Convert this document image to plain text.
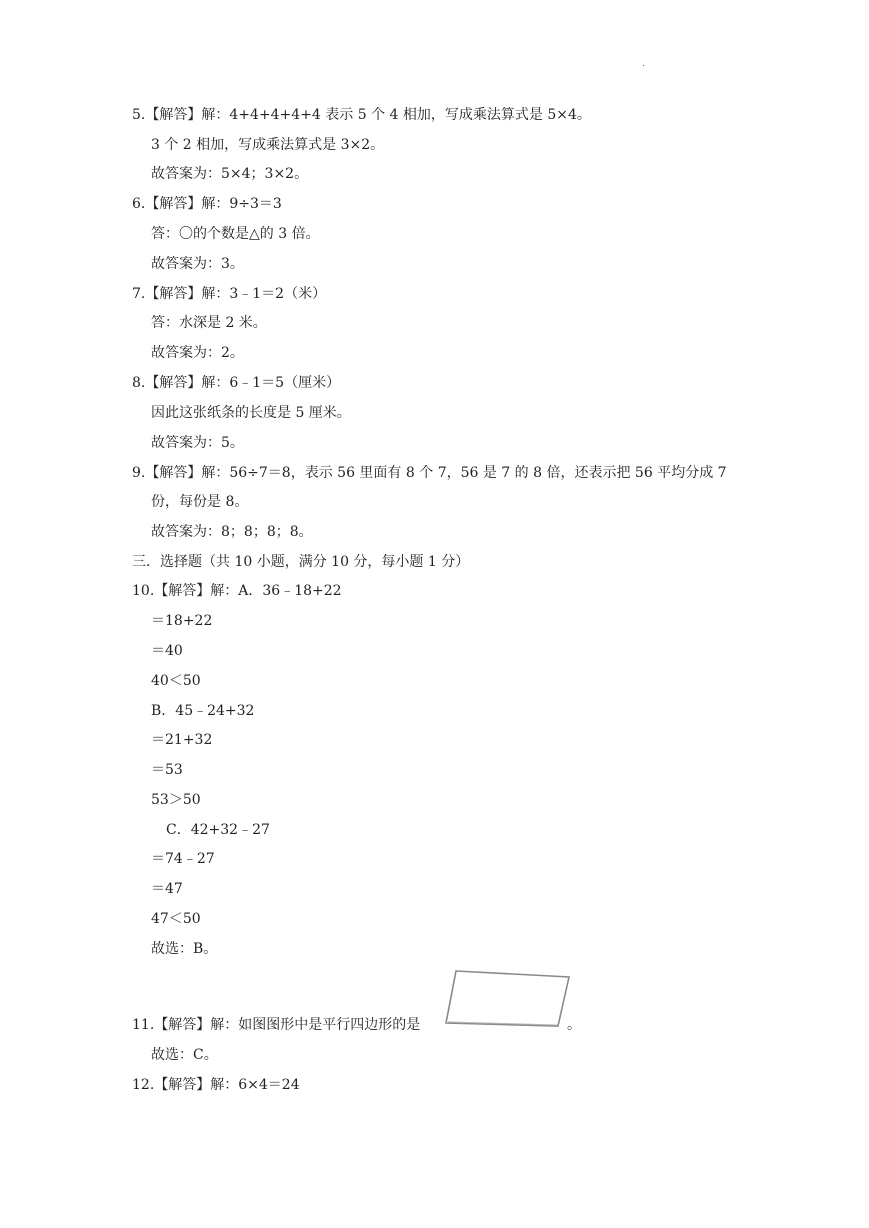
.
5.【解答】解：4+4+4+4+4 表示 5 个 4 相加，写成乘法算式是 5×4。
3 个 2 相加，写成乘法算式是 3×2。
故答案为：5×4；3×2。
6.【解答】解：9÷3＝3
答：〇的个数是△的 3 倍。
故答案为：3。
7.【解答】解：3﹣1＝2（米）
答：水深是 2 米。
故答案为：2。
8.【解答】解：6﹣1＝5（厘米）
因此这张纸条的长度是 5 厘米。
故答案为：5。
9.【解答】解：56÷7＝8，表示 56 里面有 8 个 7，56 是 7 的 8 倍，还表示把 56 平均分成 7
份，每份是 8。
故答案为：8；8；8；8。
三．选择题（共 10 小题，满分 10 分，每小题 1 分）
10.【解答】解：A．36﹣18+22
＝18+22
＝40
40＜50
B．45﹣24+32
＝21+32
＝53
53＞50
C．42+32﹣27
＝74﹣27
＝47
47＜50
故选：B。
11.【解答】解：如图图形中是平行四边形的是	。
故选：C。
12.【解答】解：6×4＝24
